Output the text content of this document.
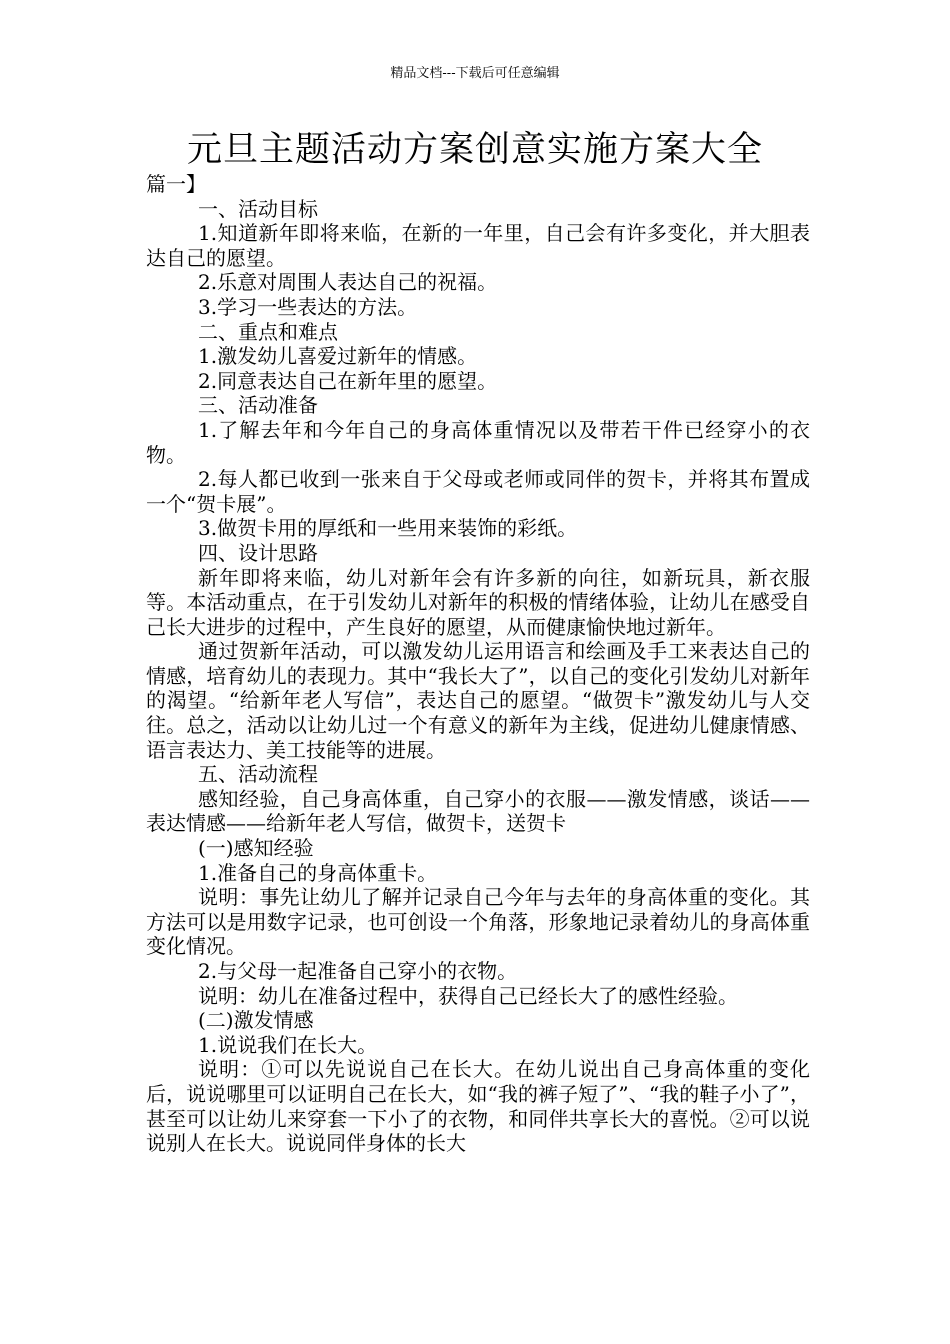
精品文档---下载后可任意编辑
元旦主题活动方案创意实施方案大全

篇一】

一、活动目标

1.知道新年即将来临，在新的一年里，自己会有许多变化，并大胆表达自己的愿望。

2.乐意对周围人表达自己的祝福。

3.学习一些表达的方法。

二、重点和难点

1.激发幼儿喜爱过新年的情感。

2.同意表达自己在新年里的愿望。

三、活动准备

1.了解去年和今年自己的身高体重情况以及带若干件已经穿小的衣物。

2.每人都已收到一张来自于父母或老师或同伴的贺卡，并将其布置成一个“贺卡展”。

3.做贺卡用的厚纸和一些用来装饰的彩纸。

四、设计思路

新年即将来临，幼儿对新年会有许多新的向往，如新玩具，新衣服等。本活动重点，在于引发幼儿对新年的积极的情绪体验，让幼儿在感受自己长大进步的过程中，产生良好的愿望，从而健康愉快地过新年。

通过贺新年活动，可以激发幼儿运用语言和绘画及手工来表达自己的情感，培育幼儿的表现力。其中“我长大了”，以自己的变化引发幼儿对新年的渴望。“给新年老人写信”，表达自己的愿望。“做贺卡”激发幼儿与人交往。总之，活动以让幼儿过一个有意义的新年为主线，促进幼儿健康情感、语言表达力、美工技能等的进展。

五、活动流程

感知经验，自己身高体重，自己穿小的衣服——激发情感，谈话——表达情感——给新年老人写信，做贺卡，送贺卡

(一)感知经验

1.准备自己的身高体重卡。

说明：事先让幼儿了解并记录自己今年与去年的身高体重的变化。其方法可以是用数字记录，也可创设一个角落，形象地记录着幼儿的身高体重变化情况。

2.与父母一起准备自己穿小的衣物。

说明：幼儿在准备过程中，获得自己已经长大了的感性经验。

(二)激发情感

1.说说我们在长大。

说明：①可以先说说自己在长大。在幼儿说出自己身高体重的变化后，说说哪里可以证明自己在长大，如“我的裤子短了”、“我的鞋子小了”，甚至可以让幼儿来穿套一下小了的衣物，和同伴共享长大的喜悦。②可以说说别人在长大。说说同伴身体的长大
